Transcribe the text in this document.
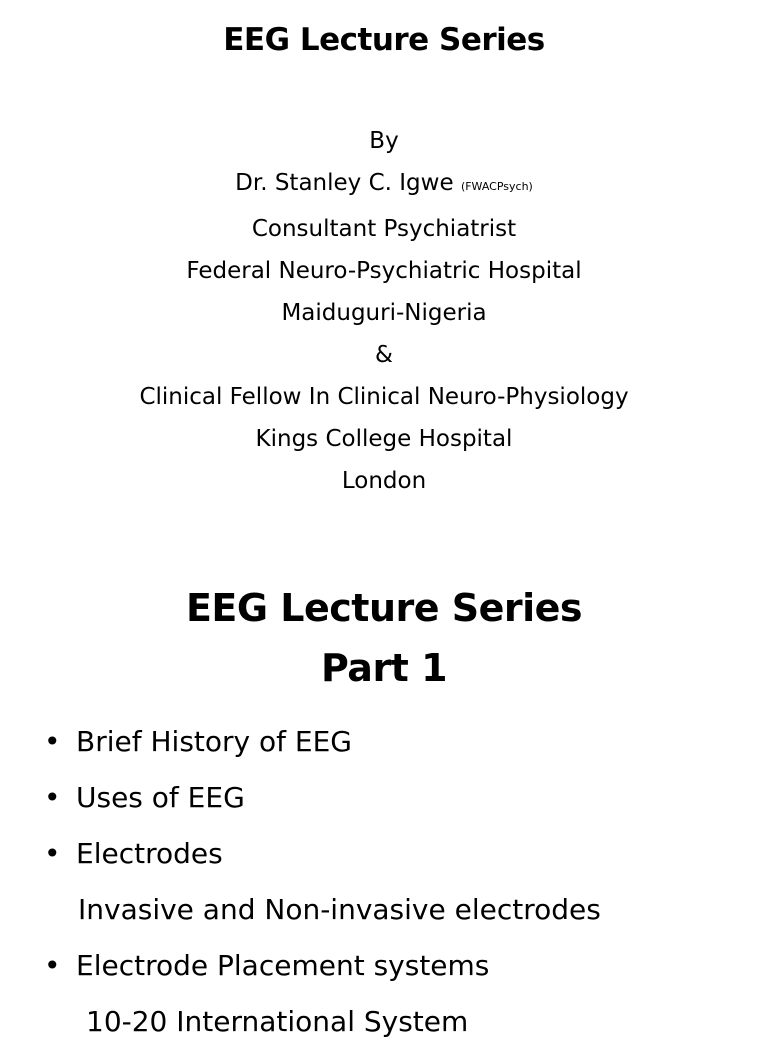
EEG Lecture Series
By
Dr. Stanley C. Igwe (FWACPsych)
Consultant Psychiatrist
Federal Neuro-Psychiatric Hospital
Maiduguri-Nigeria
&
Clinical Fellow In Clinical Neuro-Physiology
Kings College Hospital
London
EEG Lecture Series
Part 1
• Brief History of EEG
• Uses of EEG
• Electrodes
Invasive and Non-invasive electrodes
• Electrode Placement systems
10-20 International System
